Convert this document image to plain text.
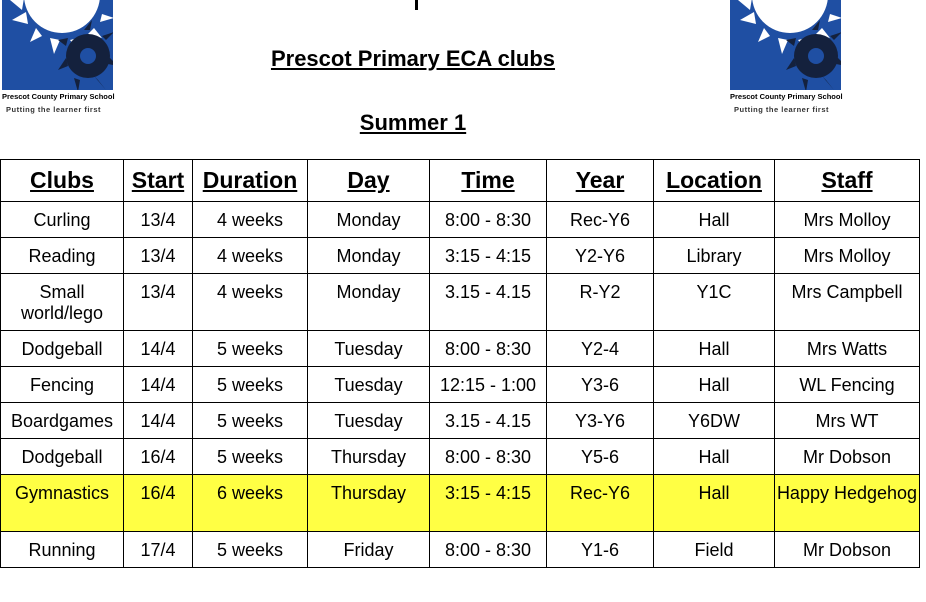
Prescot County Primary School
Putting the learner first
Prescot County Primary School
Putting the learner first
Prescot Primary ECA clubs
Summer 1
Clubs	Start	Duration	Day	Time	Year	Location	Staff
Curling	13/4	4 weeks	Monday	8:00 - 8:30	Rec-Y6	Hall	Mrs Molloy
Reading	13/4	4 weeks	Monday	3:15 - 4:15	Y2-Y6	Library	Mrs Molloy
Small world/lego	13/4	4 weeks	Monday	3.15 - 4.15	R-Y2	Y1C	Mrs Campbell
Dodgeball	14/4	5 weeks	Tuesday	8:00 - 8:30	Y2-4	Hall	Mrs Watts
Fencing	14/4	5 weeks	Tuesday	12:15 - 1:00	Y3-6	Hall	WL Fencing
Boardgames	14/4	5 weeks	Tuesday	3.15 - 4.15	Y3-Y6	Y6DW	Mrs WT
Dodgeball	16/4	5 weeks	Thursday	8:00 - 8:30	Y5-6	Hall	Mr Dobson
Gymnastics	16/4	6 weeks	Thursday	3:15 - 4:15	Rec-Y6	Hall	Happy Hedgehog
Running	17/4	5 weeks	Friday	8:00 - 8:30	Y1-6	Field	Mr Dobson
